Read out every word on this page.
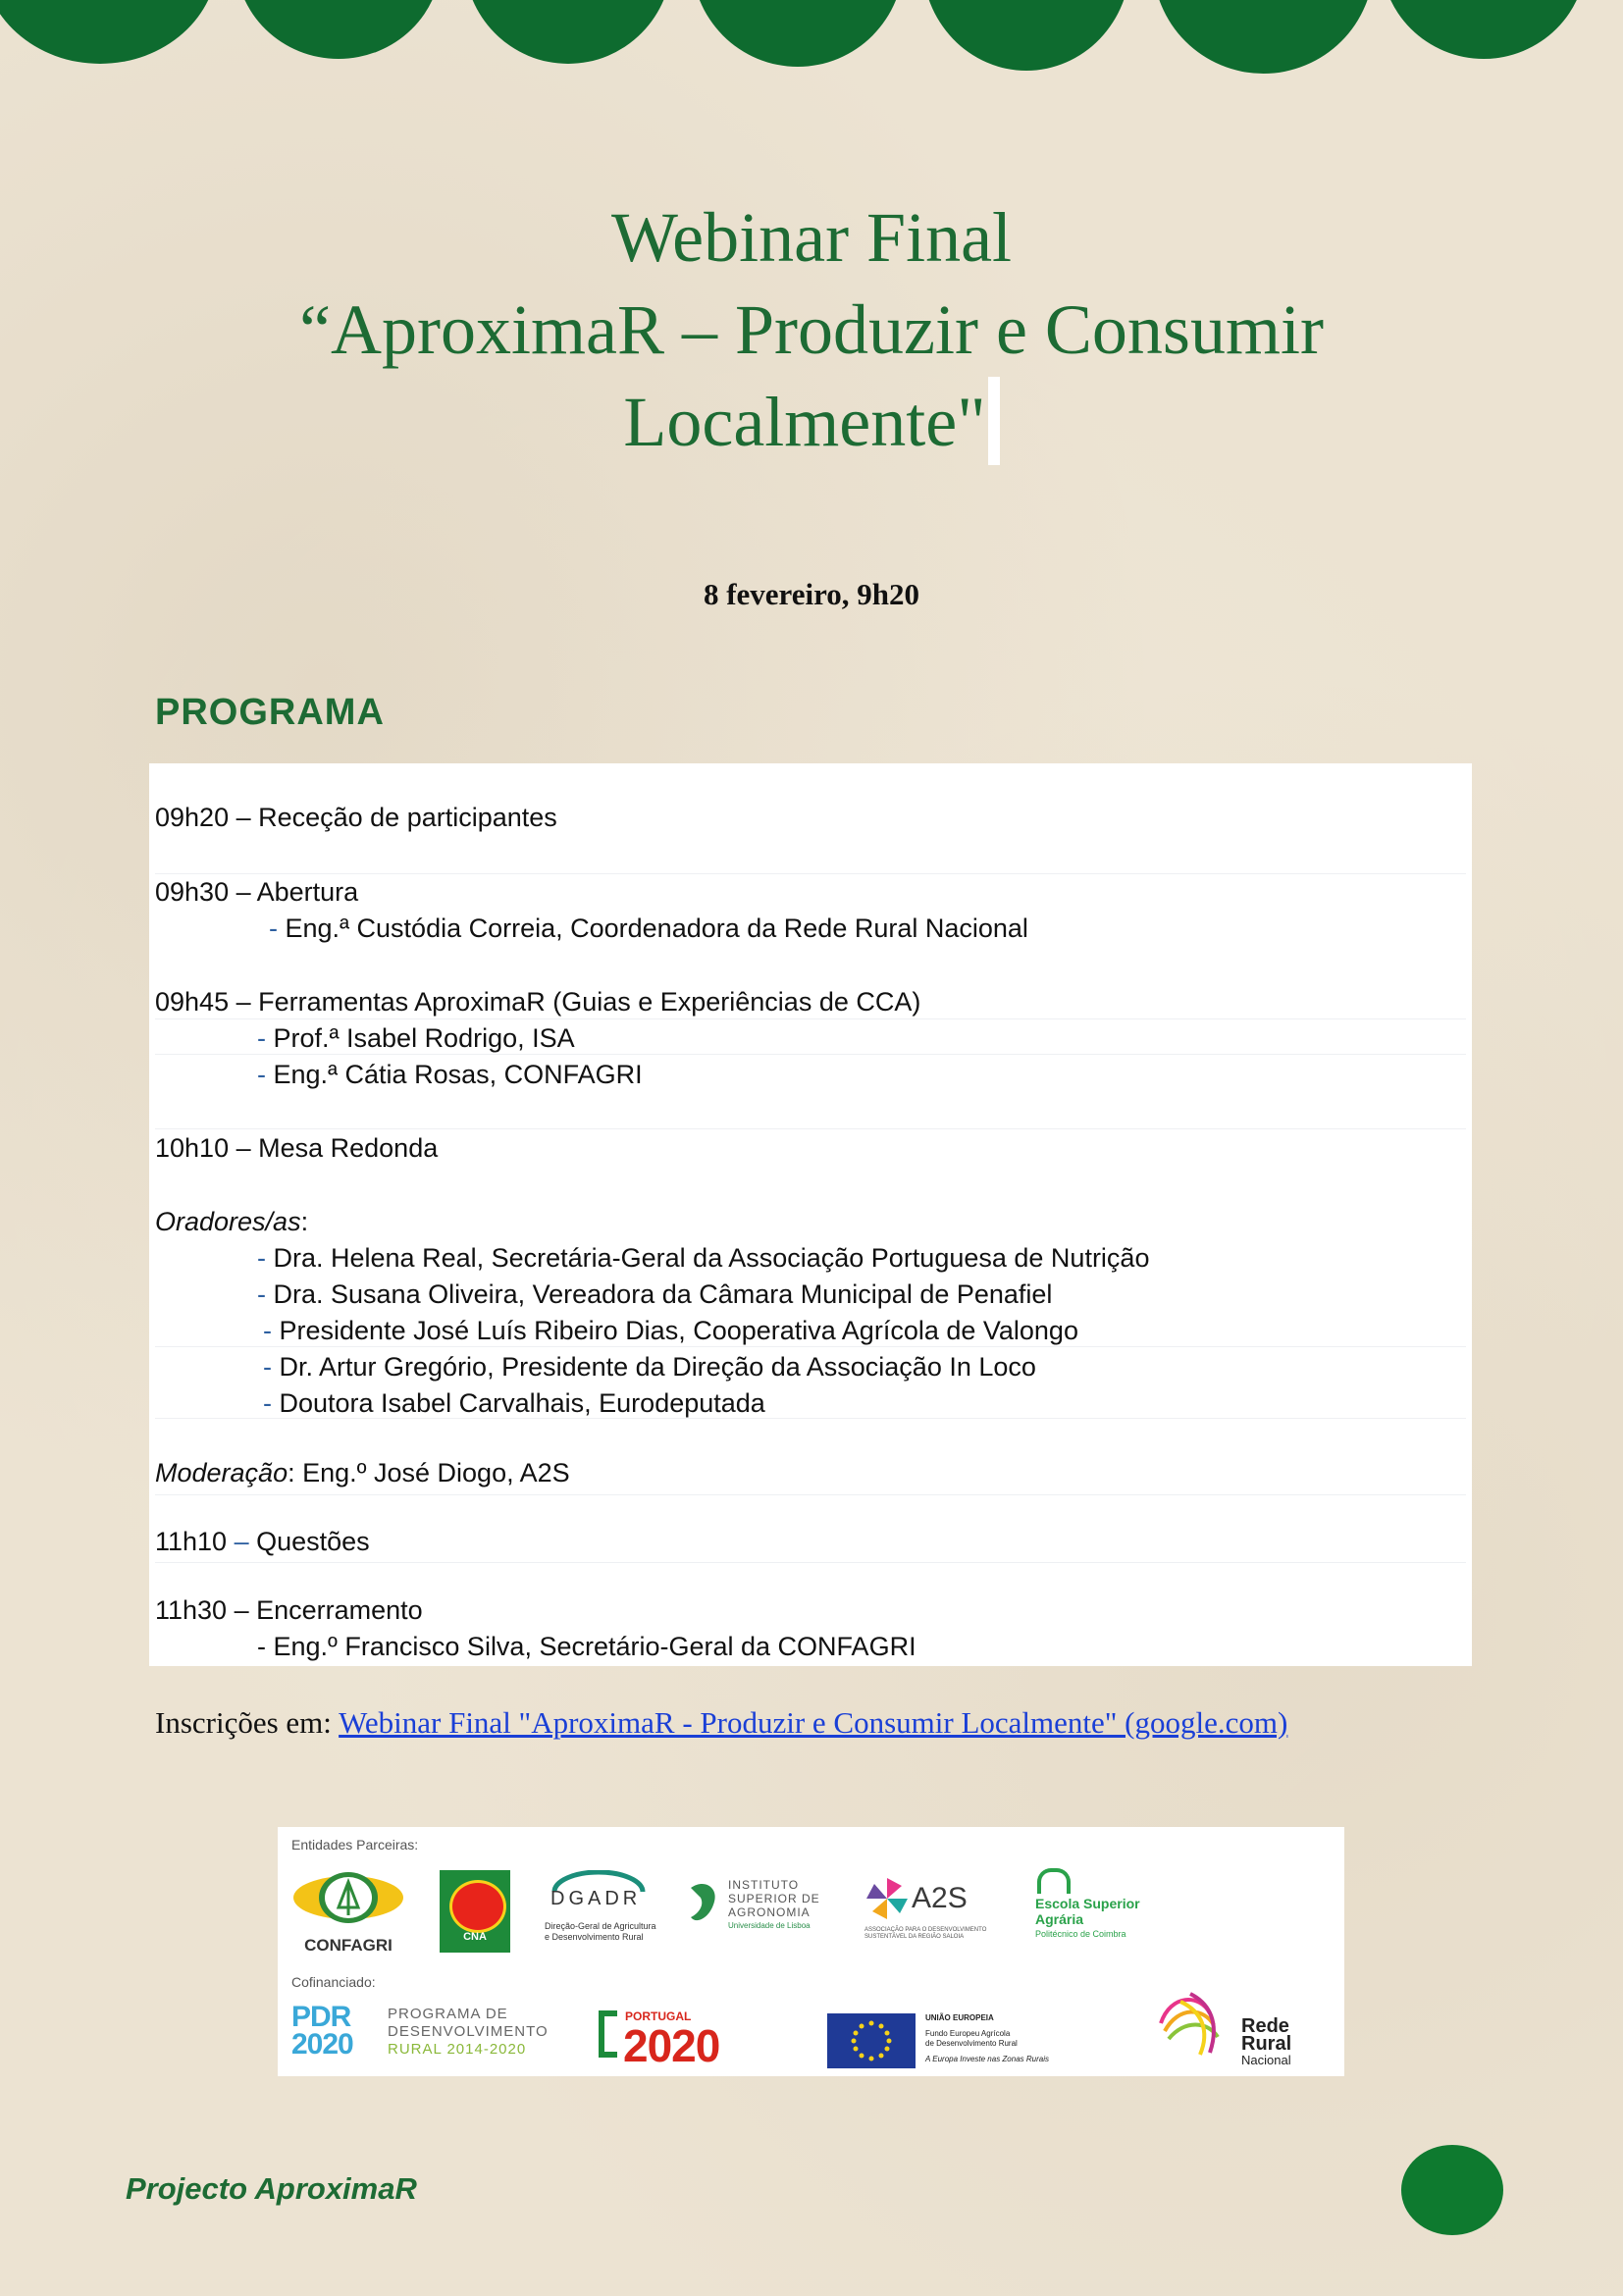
Webinar Final
“AproximaR – Produzir e Consumir
Localmente"
8 fevereiro, 9h20
PROGRAMA
09h20 – Receção de participantes
09h30 – Abertura
- Eng.ª Custódia Correia, Coordenadora da Rede Rural Nacional
09h45 – Ferramentas AproximaR (Guias e Experiências de CCA)
- Prof.ª Isabel Rodrigo, ISA
- Eng.ª Cátia Rosas, CONFAGRI
10h10 – Mesa Redonda
Oradores/as:
- Dra. Helena Real, Secretária-Geral da Associação Portuguesa de Nutrição
- Dra. Susana Oliveira, Vereadora da Câmara Municipal de Penafiel
- Presidente José Luís Ribeiro Dias, Cooperativa Agrícola de Valongo
- Dr. Artur Gregório, Presidente da Direção da Associação In Loco
- Doutora Isabel Carvalhais, Eurodeputada
Moderação: Eng.º José Diogo, A2S
11h10 – Questões
11h30 – Encerramento
- Eng.º Francisco Silva, Secretário-Geral da CONFAGRI
Inscrições em: Webinar Final "AproximaR - Produzir e Consumir Localmente" (google.com)
Entidades Parceiras:
CONFAGRI	CNA
DGADR
Direção-Geral de Agricultura
e Desenvolvimento Rural
INSTITUTO
SUPERIOR DE
AGRONOMIA
Universidade de Lisboa
A2S
ASSOCIAÇÃO PARA O DESENVOLVIMENTO SUSTENTÁVEL DA REGIÃO SALOIA
Escola Superior
Agrária
Politécnico de Coimbra
Cofinanciado:
PDR 2020
PROGRAMA DE
DESENVOLVIMENTO
RURAL 2014-2020
PORTUGAL
2020
UNIÃO EUROPEIA
Fundo Europeu Agrícola
de Desenvolvimento Rural
A Europa Investe nas Zonas Rurais
Rede
Rural
Nacional
Projecto AproximaR
